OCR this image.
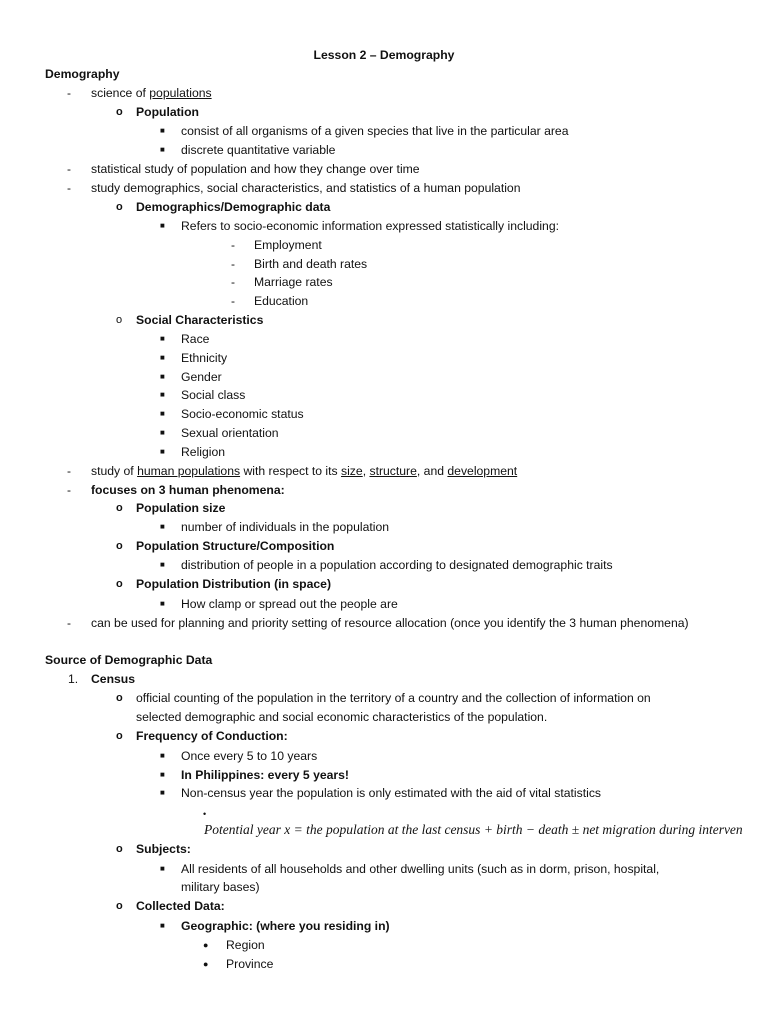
Lesson 2 – Demography
Demography
- science of populations
o Population
■ consist of all organisms of a given species that live in the particular area
■ discrete quantitative variable
- statistical study of population and how they change over time
- study demographics, social characteristics, and statistics of a human population
o Demographics/Demographic data
■ Refers to socio-economic information expressed statistically including:
- Employment
- Birth and death rates
- Marriage rates
- Education
o Social Characteristics
■ Race
■ Ethnicity
■ Gender
■ Social class
■ Socio-economic status
■ Sexual orientation
■ Religion
- study of human populations with respect to its size, structure, and development
- focuses on 3 human phenomena:
o Population size
■ number of individuals in the population
o Population Structure/Composition
■ distribution of people in a population according to designated demographic traits
o Population Distribution (in space)
■ How clamp or spread out the people are
- can be used for planning and priority setting of resource allocation (once you identify the 3 human phenomena)
Source of Demographic Data
1. Census
o official counting of the population in the territory of a country and the collection of information on
selected demographic and social economic characteristics of the population.
o Frequency of Conduction:
■ Once every 5 to 10 years
■ In Philippines: every 5 years!
■ Non-census year the population is only estimated with the aid of vital statistics
•
Potential year x = the population at the last census + birth − death ± net migration during interven
o Subjects:
■ All residents of all households and other dwelling units (such as in dorm, prison, hospital,
military bases)
o Collected Data:
■ Geographic: (where you residing in)
● Region
● Province
